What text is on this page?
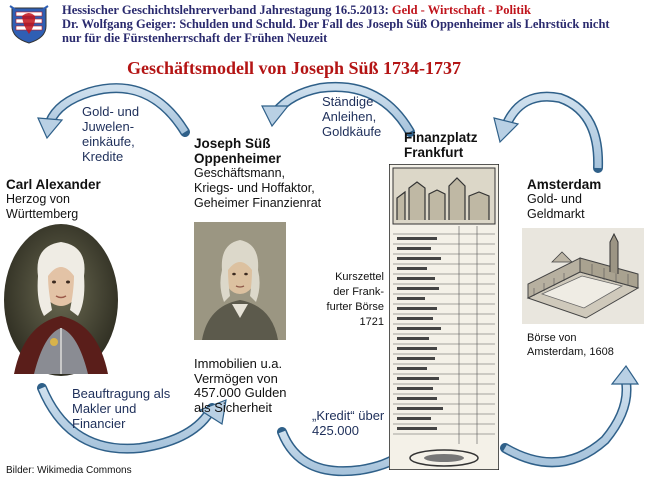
Hessischer Geschichtslehrerverband Jahrestagung 16.5.2013: Geld - Wirtschaft - Politik
Dr. Wolfgang Geiger: Schulden und Schuld. Der Fall des Joseph Süß Oppenheimer als Lehrstück nicht
nur für die Fürstenherrschaft der Frühen Neuzeit
Geschäftsmodell von Joseph Süß 1734-1737
Gold- und
Juwelen-
einkäufe,
Kredite
Ständige
Anleihen,
Goldkäufe
Beauftragung als
Makler und
Financier
„Kredit“ über
425.000
Carl Alexander
Herzog von
Württemberg
Joseph Süß
Oppenheimer
Geschäftsmann,
Kriegs- und Hoffaktor,
Geheimer Finanzienrat
Immobilien u.a.
Vermögen von
457.000 Gulden
als Sicherheit
Finanzplatz
Frankfurt
Kurszettel
der Frank-
furter Börse
1721
Amsterdam
Gold- und
Geldmarkt
Börse von
Amsterdam, 1608
Bilder: Wikimedia Commons
